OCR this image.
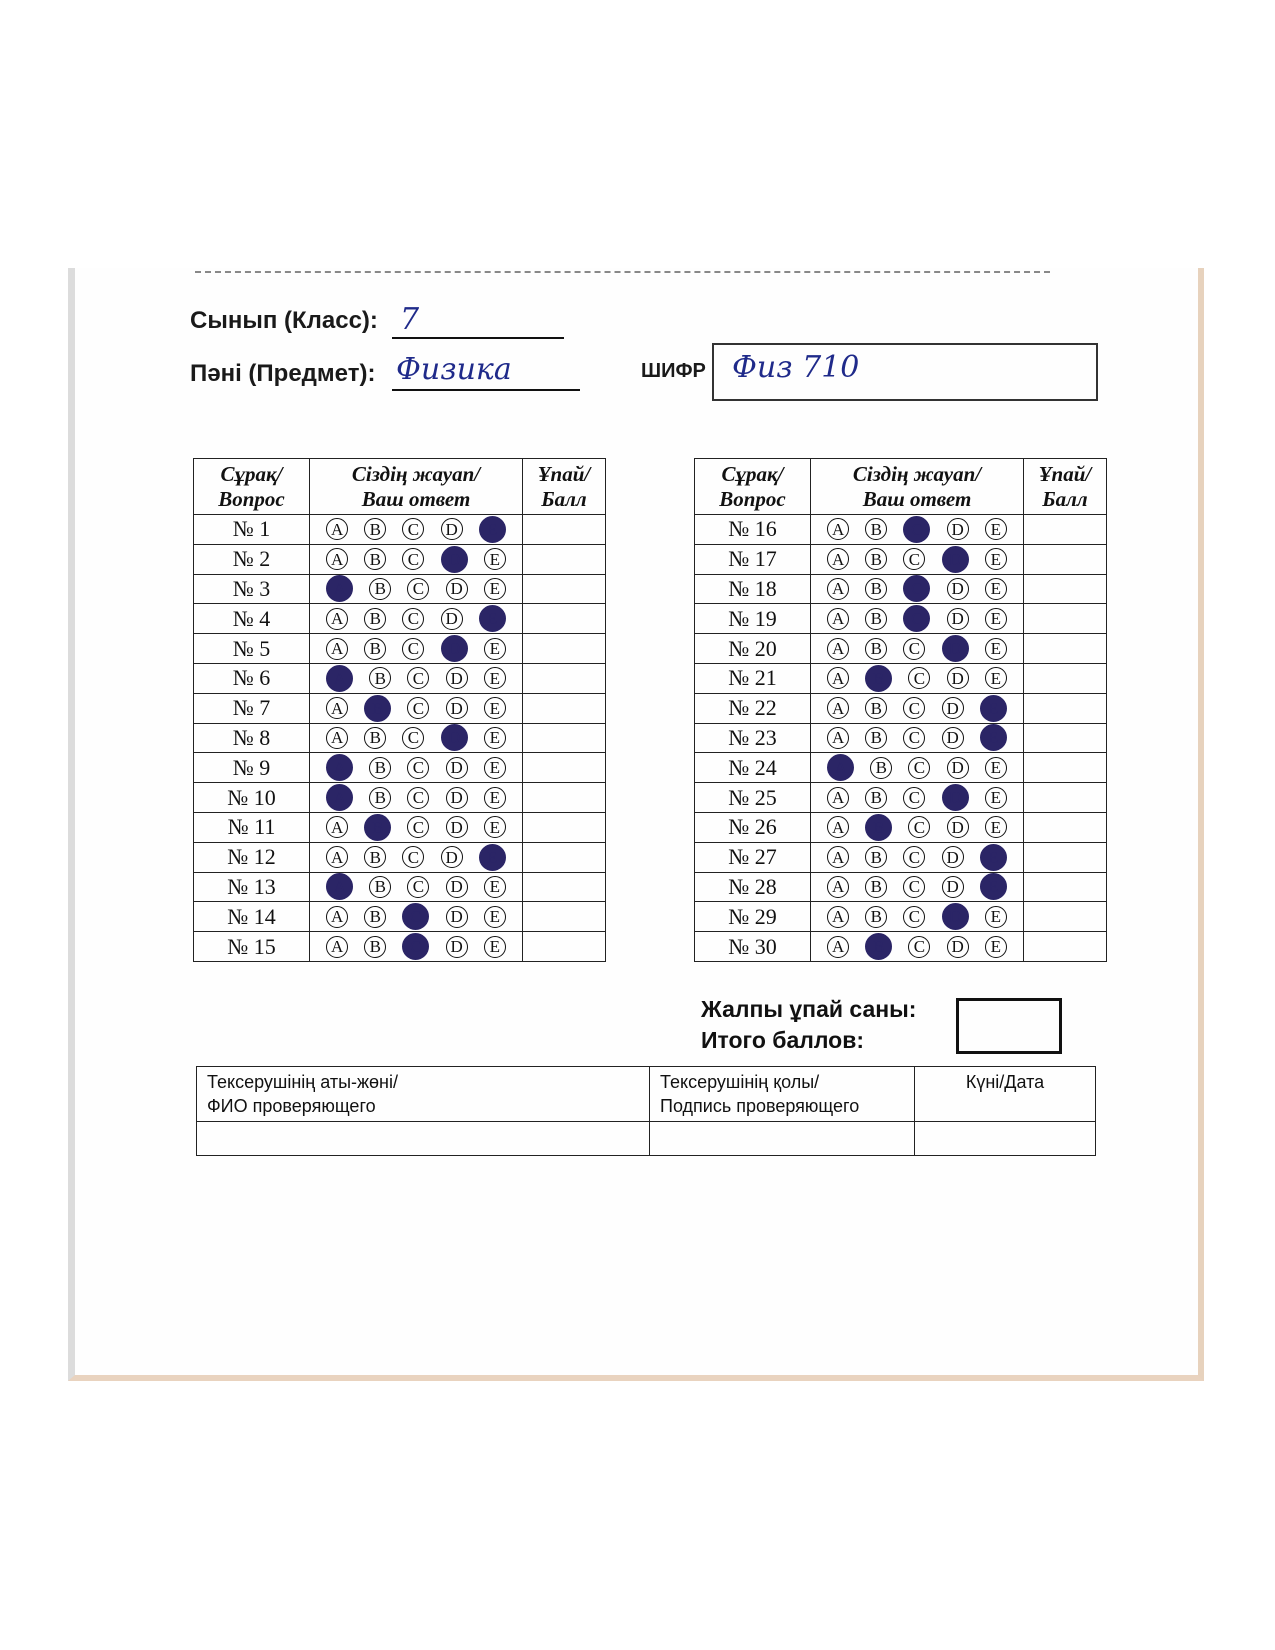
Сынып (Класс): 7
Пәні (Предмет): Физика	ШИФР Физ 710
Сұрақ/
Вопрос	Сіздің жауап/
Ваш ответ	Ұпай/
Балл
№ 1	A B C D E	

№ 2	A B C D E	

№ 3	A B C D E	

№ 4	A B C D E	

№ 5	A B C D E	

№ 6	A B C D E	

№ 7	A B C D E	

№ 8	A B C D E	

№ 9	A B C D E	

№ 10	A B C D E	

№ 11	A B C D E	

№ 12	A B C D E	

№ 13	A B C D E	

№ 14	A B C D E	

№ 15	A B C D E	

Сұрақ/
Вопрос	Сіздің жауап/
Ваш ответ	Ұпай/
Балл
№ 16	A B C D E	

№ 17	A B C D E	

№ 18	A B C D E	

№ 19	A B C D E	

№ 20	A B C D E	

№ 21	A B C D E	

№ 22	A B C D E	

№ 23	A B C D E	

№ 24	A B C D E	

№ 25	A B C D E	

№ 26	A B C D E	

№ 27	A B C D E	

№ 28	A B C D E	

№ 29	A B C D E	

№ 30	A B C D E	

Жалпы ұпай саны:
Итого баллов:
Тексерушінің аты-жөні/
ФИО проверяющего	Тексерушінің қолы/
Подпись проверяющего	Күні/Дата
